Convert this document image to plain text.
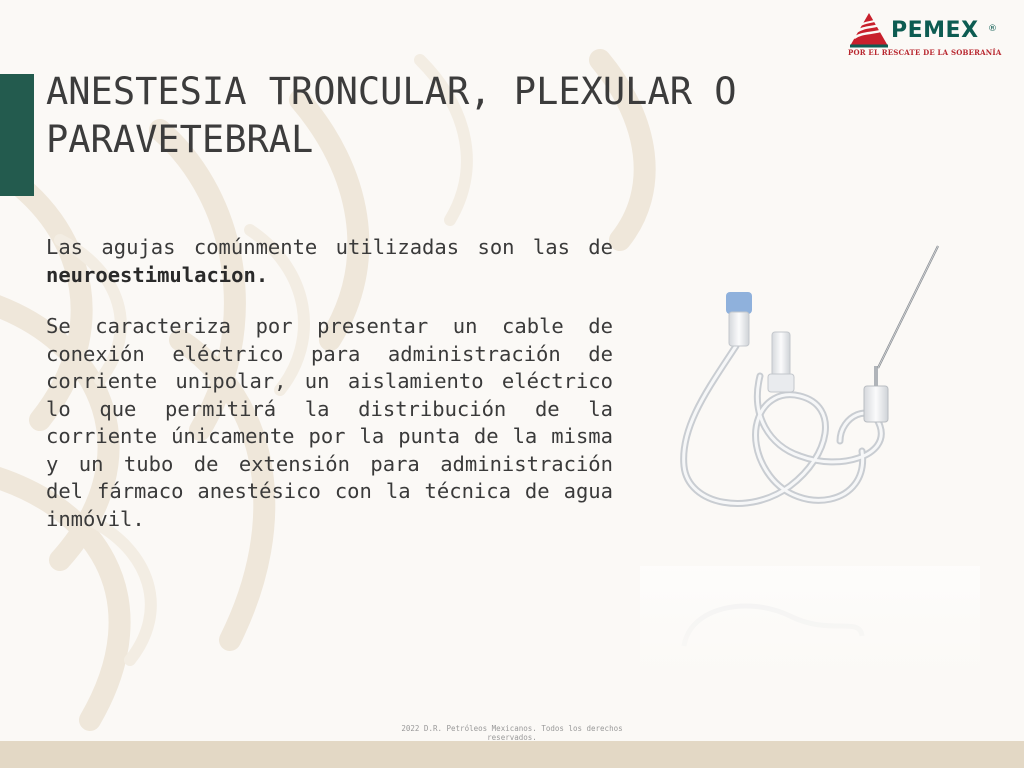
ANESTESIA TRONCULAR, PLEXULAR O PARAVETEBRAL
PEMEX ®
POR EL RESCATE DE LA SOBERANÍA

Las agujas comúnmente utilizadas son las de neuroestimulacion.

Se caracteriza por presentar un cable de conexión eléctrico para administración de corriente unipolar, un aislamiento eléctrico lo que permitirá la distribución de la corriente únicamente por la punta de la misma y un tubo de extensión para administración del fármaco anestésico con la técnica de agua inmóvil.

2022 D.R. Petróleos Mexicanos. Todos los derechos reservados.
